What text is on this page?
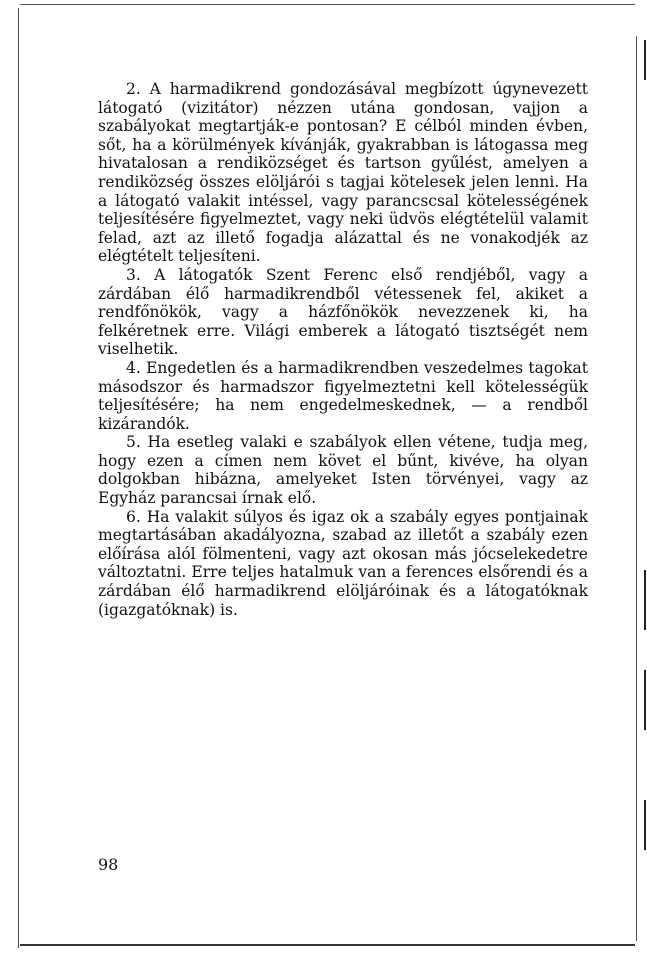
2. A harmadikrend gondozásával megbízott úgynevezett látogató (vizitátor) nézzen utána gondosan, vajjon a szabályokat megtartják-e pontosan? E célból minden évben, sőt, ha a körülmények kívánják, gyakrabban is látogassa meg hivatalosan a rendiközséget és tartson gyűlést, amelyen a rendiközség összes elöljárói s tagjai kötelesek jelen lenni. Ha a látogató valakit intéssel, vagy parancscsal kötelességének teljesítésére figyelmeztet, vagy neki üdvös elégtételül valamit felad, azt az illető fogadja alázattal és ne vonakodjék az elégtételt teljesíteni.

3. A látogatók Szent Ferenc első rendjéből, vagy a zárdában élő harmadikrendből vétessenek fel, akiket a rendfőnökök, vagy a házfőnökök nevezzenek ki, ha felkéretnek erre. Világi emberek a látogató tisztségét nem viselhetik.

4. Engedetlen és a harmadikrendben veszedelmes tagokat másodszor és harmadszor figyelmeztetni kell kötelességük teljesítésére; ha nem engedelmeskednek, — a rendből kizárandók.

5. Ha esetleg valaki e szabályok ellen vétene, tudja meg, hogy ezen a címen nem követ el bűnt, kivéve, ha olyan dolgokban hibázna, amelyeket Isten törvényei, vagy az Egyház parancsai írnak elő.

6. Ha valakit súlyos és igaz ok a szabály egyes pontjainak megtartásában akadályozna, szabad az illetőt a szabály ezen előírása alól fölmenteni, vagy azt okosan más jócselekedetre változtatni. Erre teljes hatalmuk van a ferences elsőrendi és a zárdában élő harmadikrend elöljáróinak és a látogatóknak (igazgatóknak) is.

98
